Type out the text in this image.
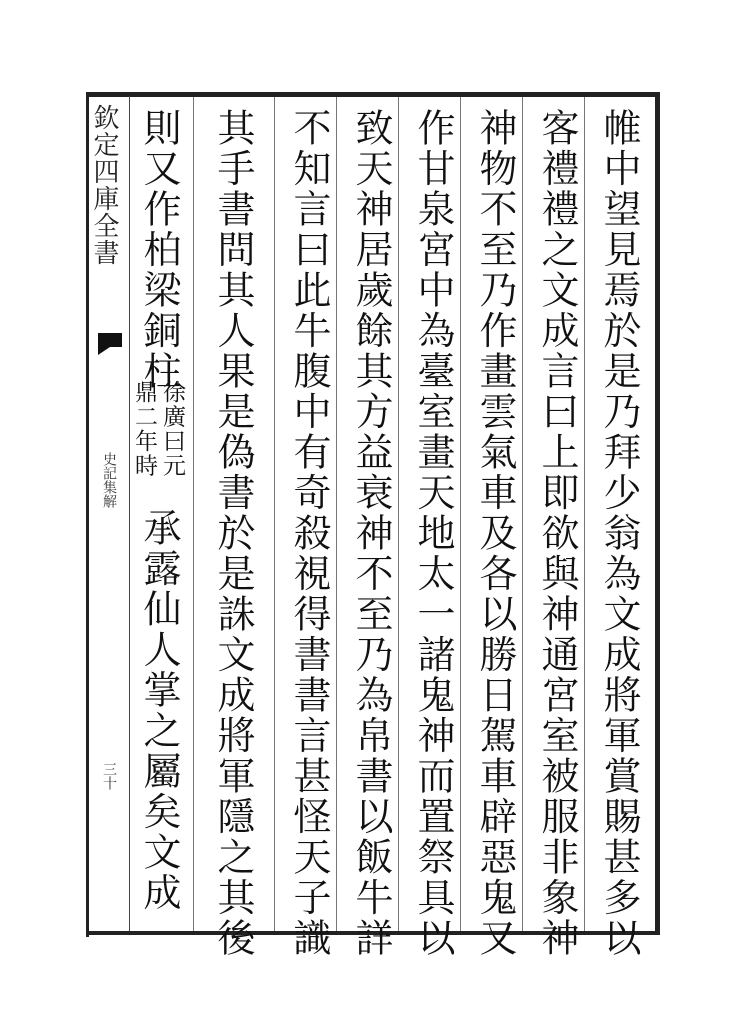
欽定四庫全書
史記集解
三十	帷中望見焉於是乃拜少翁為文成將軍賞賜甚多以
客禮禮之文成言曰上即欲與神通宮室被服非象神
神物不至乃作畫雲氣車及各以勝日駕車辟惡鬼又
作甘泉宮中為臺室畫天地太一諸鬼神而置祭具以
致天神居歲餘其方益衰神不至乃為帛書以飯牛詳
不知言曰此牛腹中有奇殺視得書書言甚怪天子識
其手書問其人果是偽書於是誅文成將軍隱之其後
則又作柏梁銅柱
徐廣曰元
鼎二年時
承露仙人掌之屬矣文成
